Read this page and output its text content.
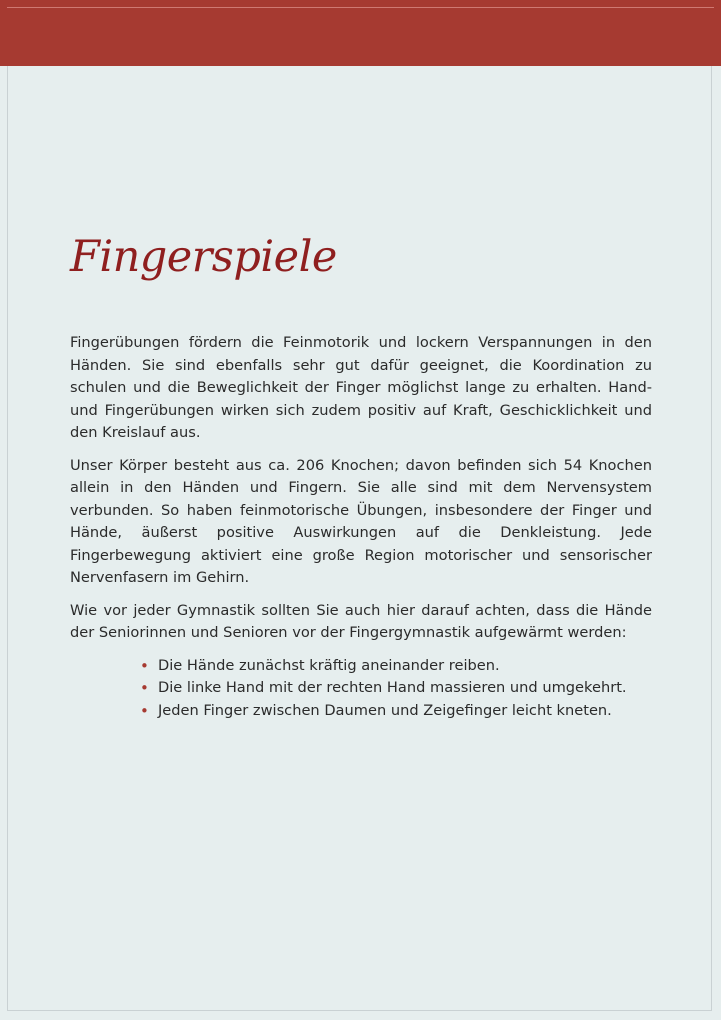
Fingerspiele

Fingerübungen fördern die Feinmotorik und lockern Verspannungen in den Händen. Sie sind ebenfalls sehr gut dafür geeignet, die Koordination zu schulen und die Beweglichkeit der Finger möglichst lange zu erhalten. Hand- und Fingerübungen wirken sich zudem positiv auf Kraft, Geschicklichkeit und den Kreislauf aus.

Unser Körper besteht aus ca. 206 Knochen; davon befinden sich 54 Knochen allein in den Händen und Fingern. Sie alle sind mit dem Nervensystem verbunden. So haben feinmotorische Übungen, insbesondere der Finger und Hände, äußerst positive Auswirkungen auf die Denkleistung. Jede Fingerbewegung aktiviert eine große Region motorischer und sensorischer Nervenfasern im Gehirn.

Wie vor jeder Gymnastik sollten Sie auch hier darauf achten, dass die Hände der Seniorinnen und Senioren vor der Fingergymnastik aufgewärmt werden:

• Die Hände zunächst kräftig aneinander reiben.
• Die linke Hand mit der rechten Hand massieren und umgekehrt.
• Jeden Finger zwischen Daumen und Zeigefinger leicht kneten.
